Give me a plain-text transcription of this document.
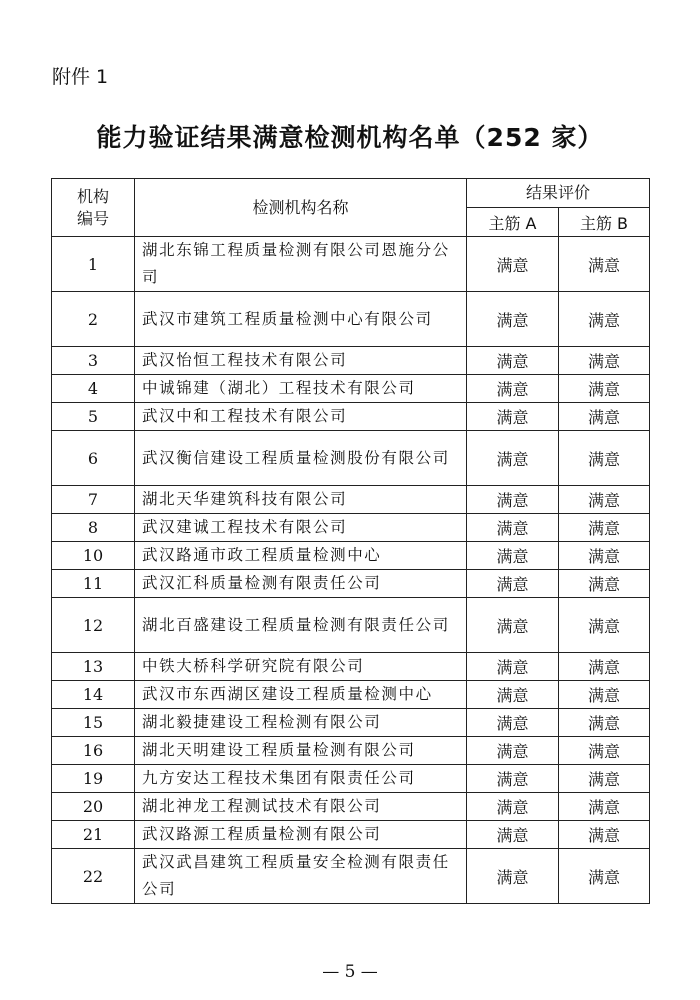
附件 1
能力验证结果满意检测机构名单（252 家）
机构
编号	检测机构名称	结果评价	
		主筋 A	主筋 B
1	湖北东锦工程质量检测有限公司恩施分公司	满意	满意
2	武汉市建筑工程质量检测中心有限公司	满意	满意
3	武汉怡恒工程技术有限公司	满意	满意
4	中诚锦建（湖北）工程技术有限公司	满意	满意
5	武汉中和工程技术有限公司	满意	满意
6	武汉衡信建设工程质量检测股份有限公司	满意	满意
7	湖北天华建筑科技有限公司	满意	满意
8	武汉建诚工程技术有限公司	满意	满意
10	武汉路通市政工程质量检测中心	满意	满意
11	武汉汇科质量检测有限责任公司	满意	满意
12	湖北百盛建设工程质量检测有限责任公司	满意	满意
13	中铁大桥科学研究院有限公司	满意	满意
14	武汉市东西湖区建设工程质量检测中心	满意	满意
15	湖北毅捷建设工程检测有限公司	满意	满意
16	湖北天明建设工程质量检测有限公司	满意	满意
19	九方安达工程技术集团有限责任公司	满意	满意
20	湖北神龙工程测试技术有限公司	满意	满意
21	武汉路源工程质量检测有限公司	满意	满意
22	武汉武昌建筑工程质量安全检测有限责任公司	满意	满意
— 5 —
